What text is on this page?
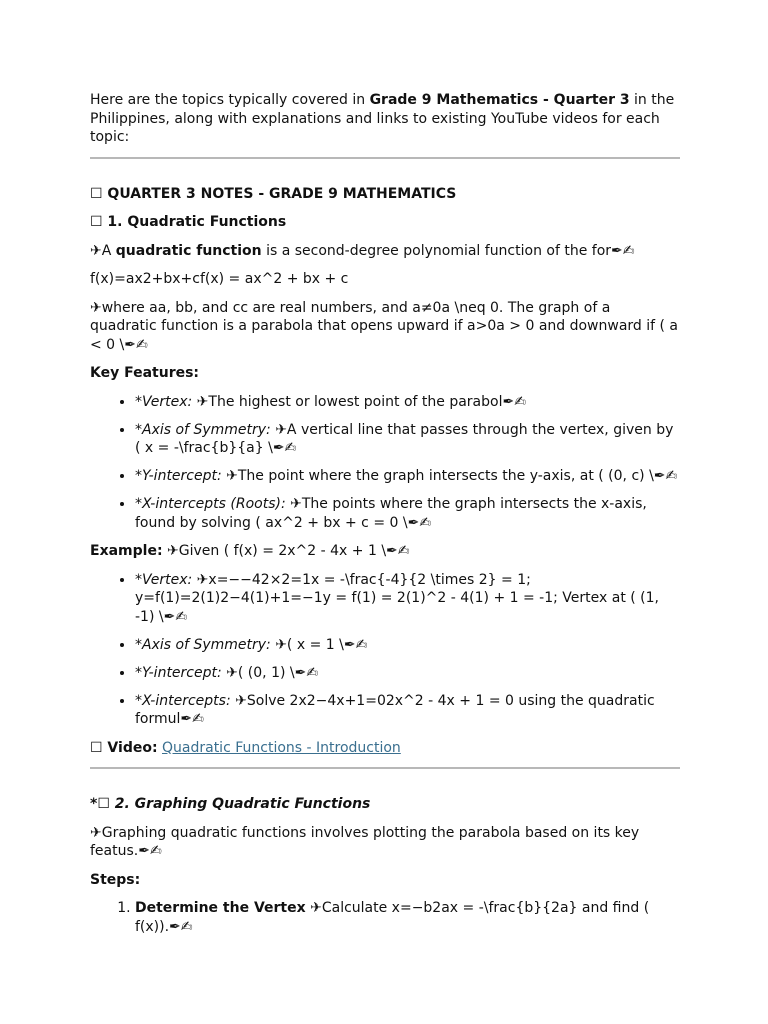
Here are the topics typically covered in Grade 9 Mathematics - Quarter 3 in the Philippines, along with explanations and links to existing YouTube videos for each topic:

☐ QUARTER 3 NOTES - GRADE 9 MATHEMATICS

☐ 1. Quadratic Functions

✈A quadratic function is a second-degree polynomial function of the for✒✍

f(x)=ax2+bx+cf(x) = ax^2 + bx + c

✈where aa, bb, and cc are real numbers, and a≠0a \neq 0. The graph of a quadratic function is a parabola that opens upward if a>0a > 0 and downward if ( a < 0 \✒✍

Key Features:

• *Vertex: ✈The highest or lowest point of the parabol✒✍
• *Axis of Symmetry: ✈A vertical line that passes through the vertex, given by ( x = -\frac{b}{a} \✒✍
• *Y-intercept: ✈The point where the graph intersects the y-axis, at ( (0, c) \✒✍
• *X-intercepts (Roots): ✈The points where the graph intersects the x-axis, found by solving ( ax^2 + bx + c = 0 \✒✍

Example: ✈Given ( f(x) = 2x^2 - 4x + 1 \✒✍

• *Vertex: ✈x=−−42×2=1x = -\frac{-4}{2 \times 2} = 1; y=f(1)=2(1)2−4(1)+1=−1y = f(1) = 2(1)^2 - 4(1) + 1 = -1; Vertex at ( (1, -1) \✒✍
• *Axis of Symmetry: ✈( x = 1 \✒✍
• *Y-intercept: ✈( (0, 1) \✒✍
• *X-intercepts: ✈Solve 2x2−4x+1=02x^2 - 4x + 1 = 0 using the quadratic formul✒✍

☐ Video: Quadratic Functions - Introduction

*☐ 2. Graphing Quadratic Functions

✈Graphing quadratic functions involves plotting the parabola based on its key featus.✒✍

Steps:

1. Determine the Vertex ✈Calculate x=−b2ax = -\frac{b}{2a} and find ( f(x)).✒✍
